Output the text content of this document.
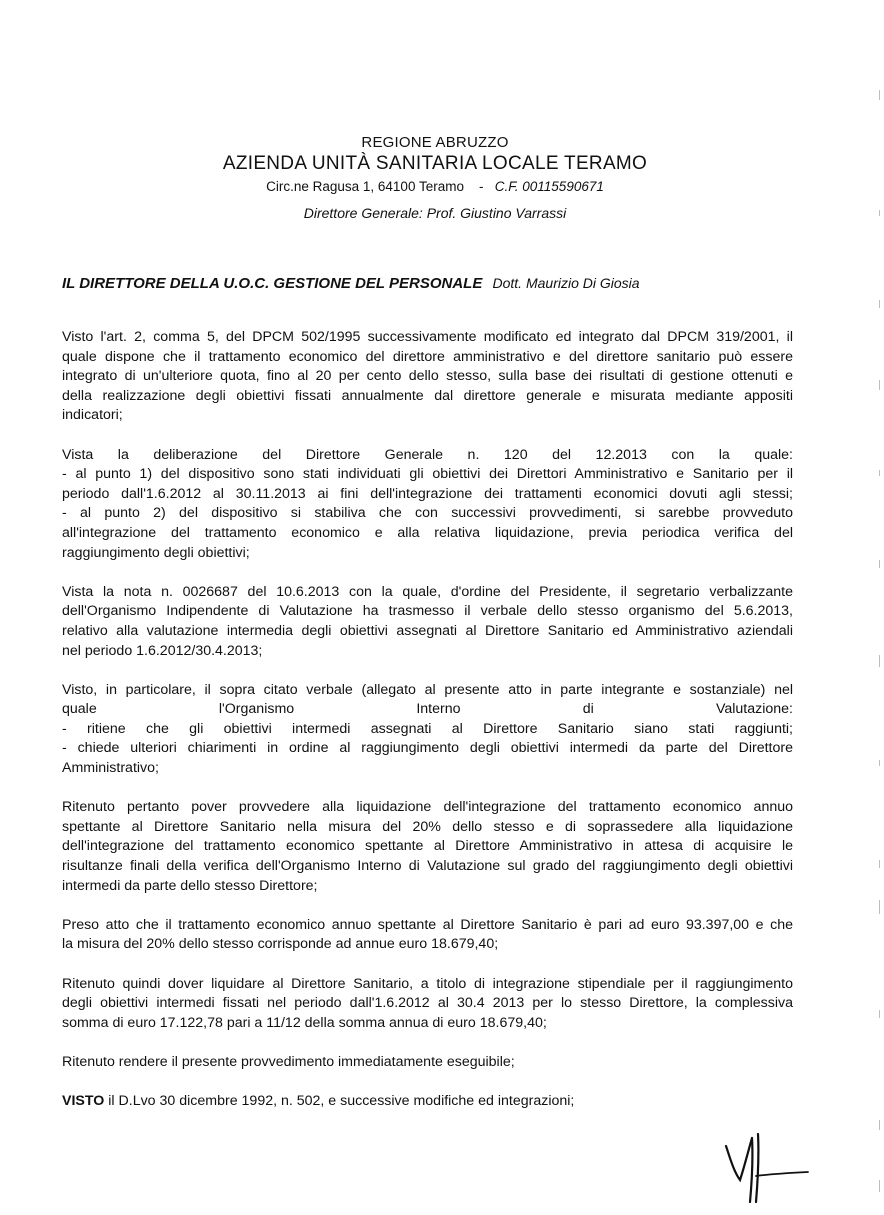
REGIONE ABRUZZO
AZIENDA UNITÀ SANITARIA LOCALE TERAMO
Circ.ne Ragusa 1, 64100 Teramo - C.F. 00115590671
Direttore Generale: Prof. Giustino Varrassi
IL DIRETTORE DELLA U.O.C. GESTIONE DEL PERSONALE Dott. Maurizio Di Giosia
Visto l'art. 2, comma 5, del DPCM 502/1995 successivamente modificato ed integrato dal DPCM 319/2001, il
quale dispone che il trattamento economico del direttore amministrativo e del direttore sanitario può essere
integrato di un'ulteriore quota, fino al 20 per cento dello stesso, sulla base dei risultati di gestione ottenuti e
della realizzazione degli obiettivi fissati annualmente dal direttore generale e misurata mediante appositi
indicatori;
Vista la deliberazione del Direttore Generale n. 120 del 12.2013 con la quale:
- al punto 1) del dispositivo sono stati individuati gli obiettivi dei Direttori Amministrativo e Sanitario per il
periodo dall'1.6.2012 al 30.11.2013 ai fini dell'integrazione dei trattamenti economici dovuti agli stessi;
- al punto 2) del dispositivo si stabiliva che con successivi provvedimenti, si sarebbe provveduto
all'integrazione del trattamento economico e alla relativa liquidazione, previa periodica verifica del
raggiungimento degli obiettivi;
Vista la nota n. 0026687 del 10.6.2013 con la quale, d'ordine del Presidente, il segretario verbalizzante
dell'Organismo Indipendente di Valutazione ha trasmesso il verbale dello stesso organismo del 5.6.2013,
relativo alla valutazione intermedia degli obiettivi assegnati al Direttore Sanitario ed Amministrativo aziendali
nel periodo 1.6.2012/30.4.2013;
Visto, in particolare, il sopra citato verbale (allegato al presente atto in parte integrante e sostanziale) nel
quale l'Organismo Interno di Valutazione:
- ritiene che gli obiettivi intermedi assegnati al Direttore Sanitario siano stati raggiunti;
- chiede ulteriori chiarimenti in ordine al raggiungimento degli obiettivi intermedi da parte del Direttore
Amministrativo;
Ritenuto pertanto pover provvedere alla liquidazione dell'integrazione del trattamento economico annuo
spettante al Direttore Sanitario nella misura del 20% dello stesso e di soprassedere alla liquidazione
dell'integrazione del trattamento economico spettante al Direttore Amministrativo in attesa di acquisire le
risultanze finali della verifica dell'Organismo Interno di Valutazione sul grado del raggiungimento degli obiettivi
intermedi da parte dello stesso Direttore;
Preso atto che il trattamento economico annuo spettante al Direttore Sanitario è pari ad euro 93.397,00 e che
la misura del 20% dello stesso corrisponde ad annue euro 18.679,40;
Ritenuto quindi dover liquidare al Direttore Sanitario, a titolo di integrazione stipendiale per il raggiungimento
degli obiettivi intermedi fissati nel periodo dall'1.6.2012 al 30.4 2013 per lo stesso Direttore, la complessiva
somma di euro 17.122,78 pari a 11/12 della somma annua di euro 18.679,40;
Ritenuto rendere il presente provvedimento immediatamente eseguibile;
VISTO il D.Lvo 30 dicembre 1992, n. 502, e successive modifiche ed integrazioni;
